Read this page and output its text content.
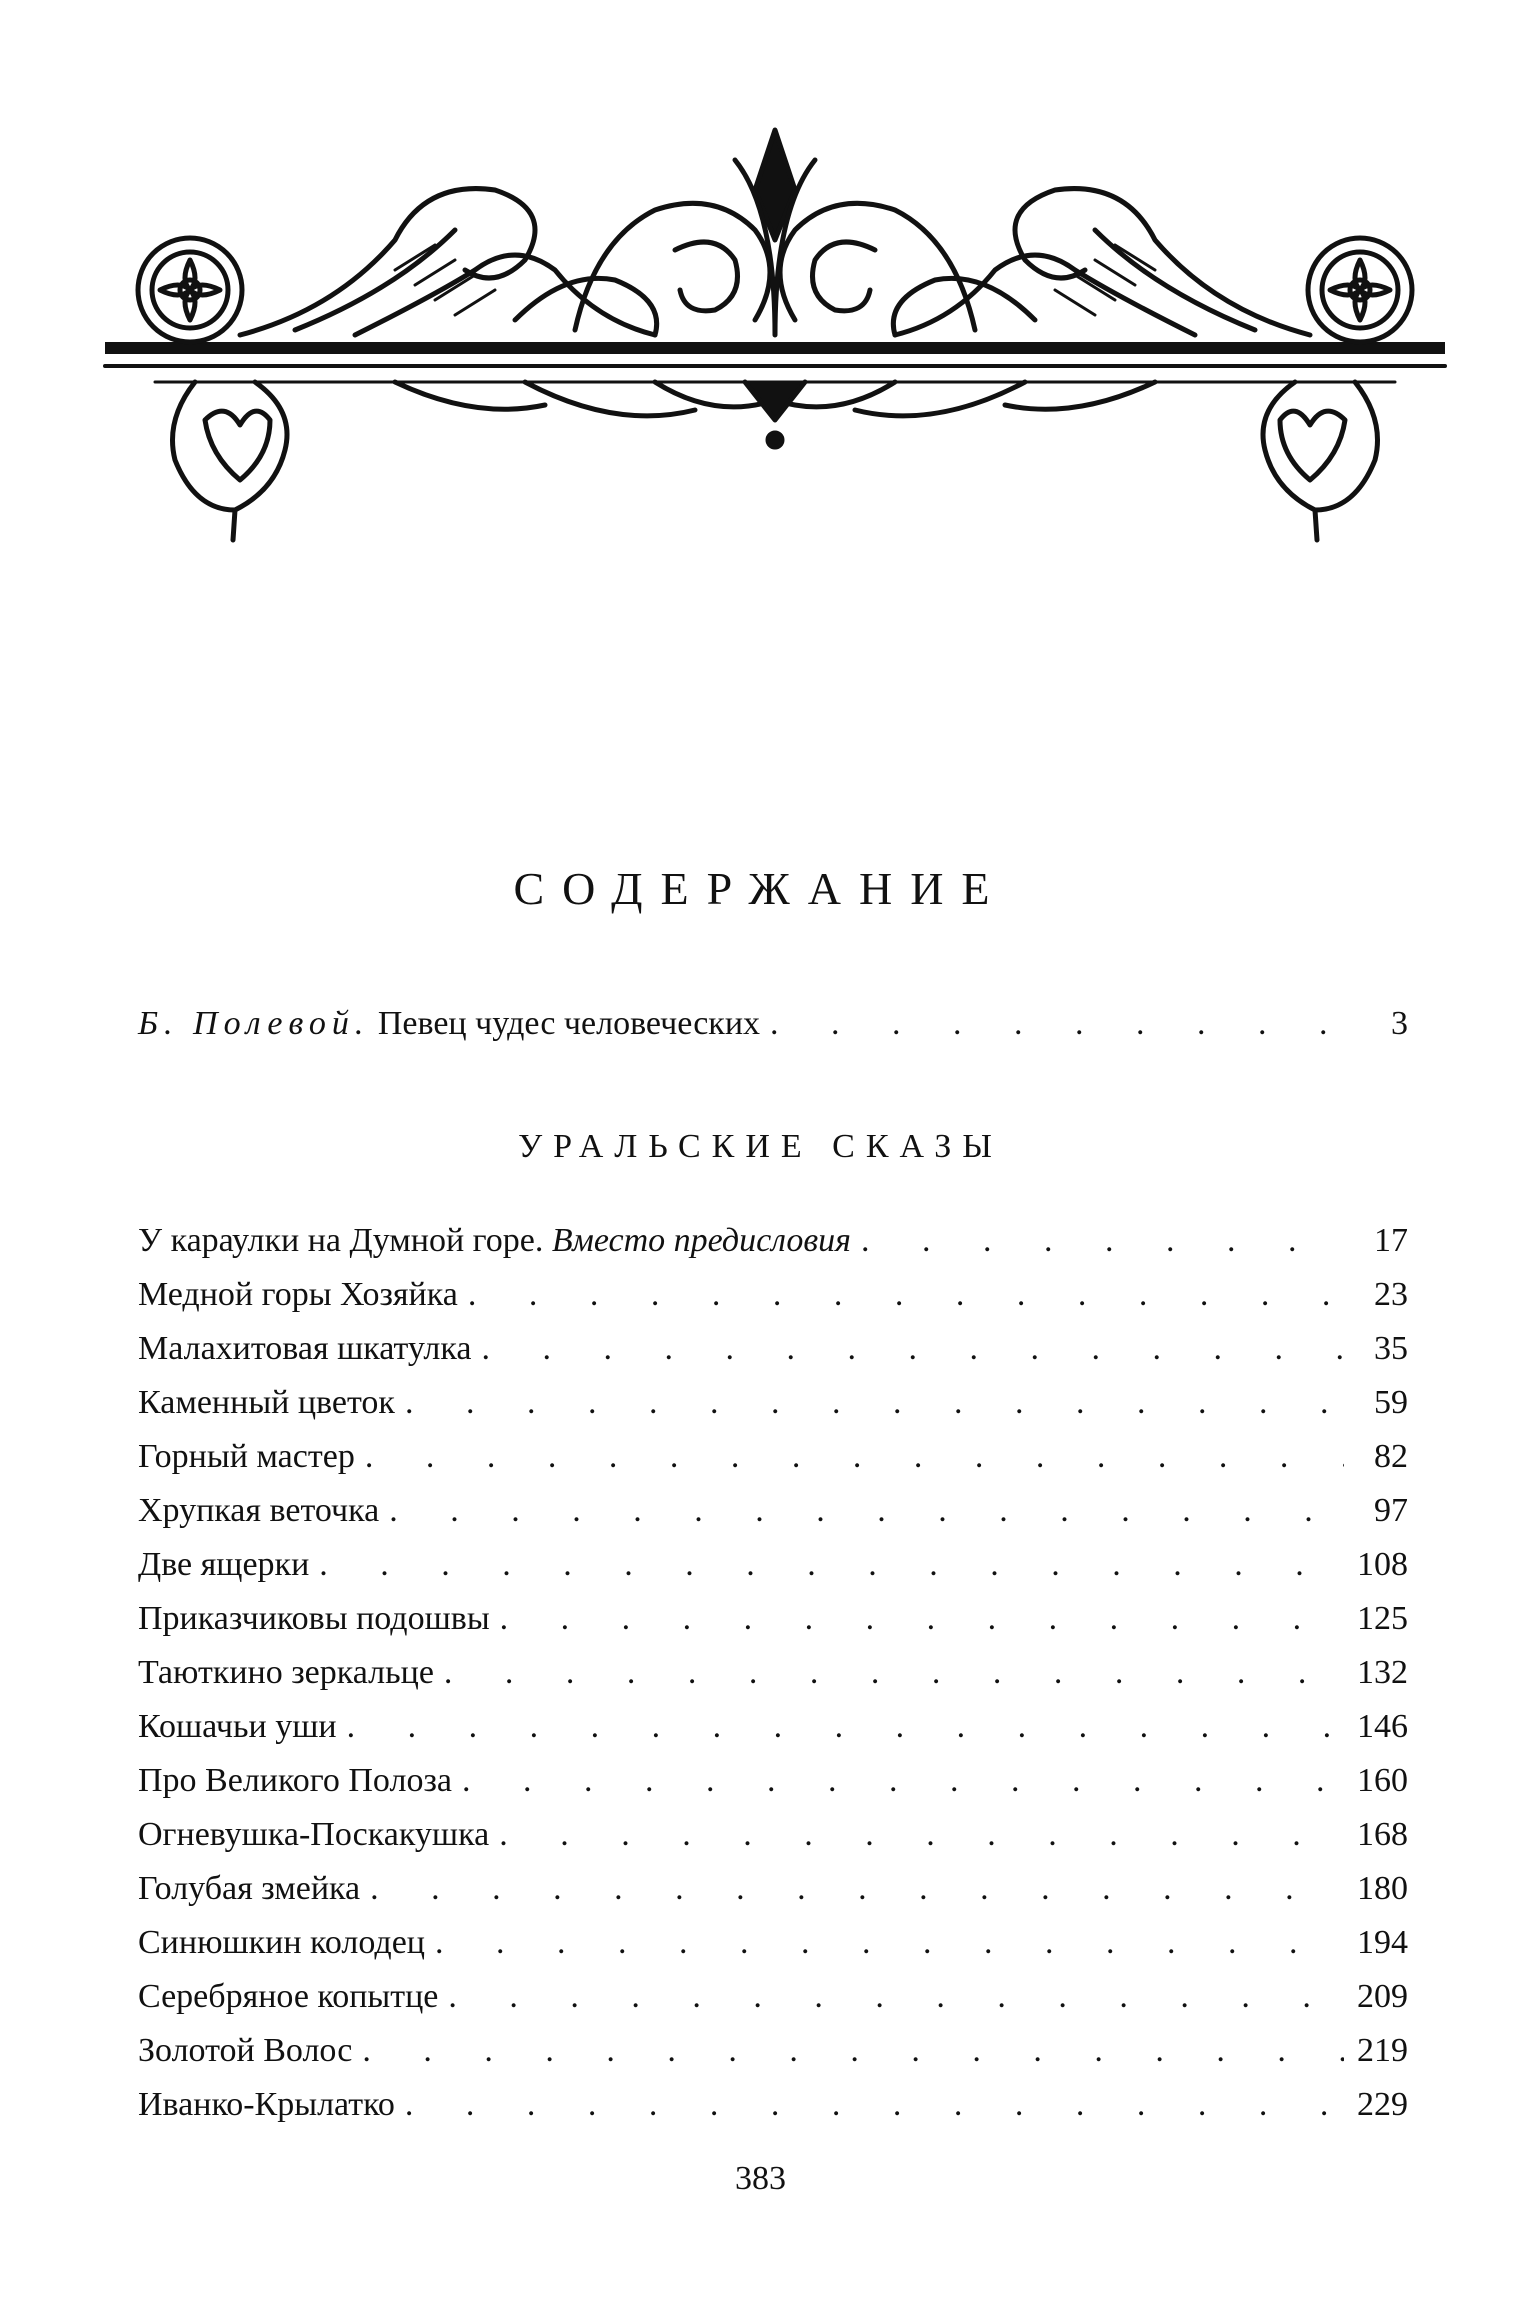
СОДЕРЖАНИЕ
Б. Полевой. Певец чудес человеческих . . .	3
УРАЛЬСКИЕ СКАЗЫ
У караулки на Думной горе. Вместо предисловия . . .	17
Медной горы Хозяйка . . .	23
Малахитовая шкатулка . . .	35
Каменный цветок . . .	59
Горный мастер . . .	82
Хрупкая веточка . . .	97
Две ящерки . . .	108
Приказчиковы подошвы . . .	125
Таюткино зеркальце . . .	132
Кошачьи уши . . .	146
Про Великого Полоза . . .	160
Огневушка-Поскакушка . . .	168
Голубая змейка . . .	180
Синюшкин колодец . . .	194
Серебряное копытце . . .	209
Золотой Волос . . .	219
Иванко-Крылатко . . .	229
383
